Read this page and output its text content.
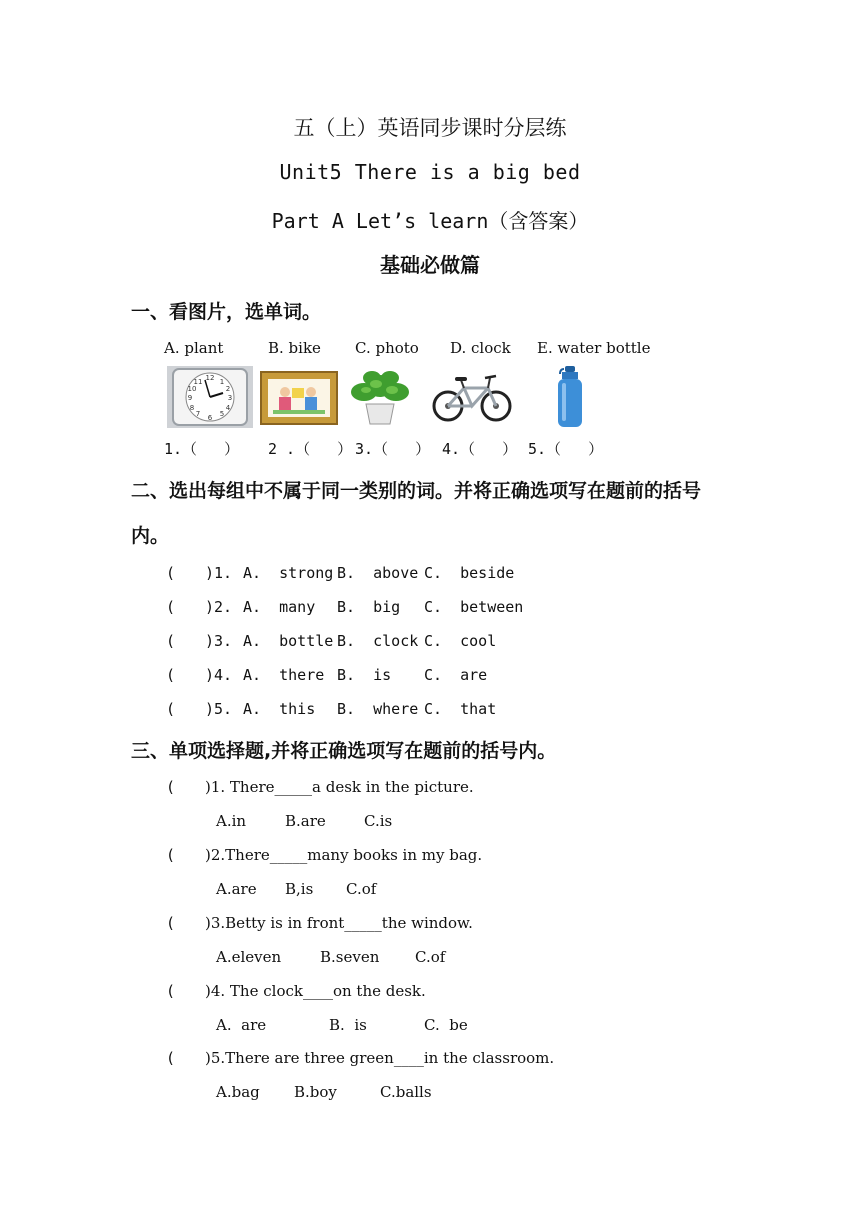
五（上）英语同步课时分层练
Unit5 There is a big bed
Part A Let’s learn（含答案）
基础必做篇
一、看图片，选单词。
A. plant	B. bike C. photo D. clock E. water bottle
12
3
6
9
1
2
4
5
7
8
10
11
1.（   ） 2 .（   ） 3.（   ） 4.（   ） 5.（   ）
二、选出每组中不属于同一类别的词。并将正确选项写在题前的括号
内。
( )1. A.  strong B.  above C.  beside
( )2. A.  many B.  big C.  between
( )3. A.  bottle B.  clock C.  cool
( )4. A.  there B.  is C.  are
( )5. A.  this B.  where C.  that
三、单项选择题,并将正确选项写在题前的括号内。
( )1. There_____a desk in the picture.
A.in	B.are	C.is
( )2.There_____many books in my bag.
A.are B,is C.of
( )3.Betty is in front_____the window.
A.eleven	B.seven C.of
( )4. The clock____on the desk.
A.  are	B.  is	C.  be
( )5.There are three green____in the classroom.
A.bag B.boy	C.balls
